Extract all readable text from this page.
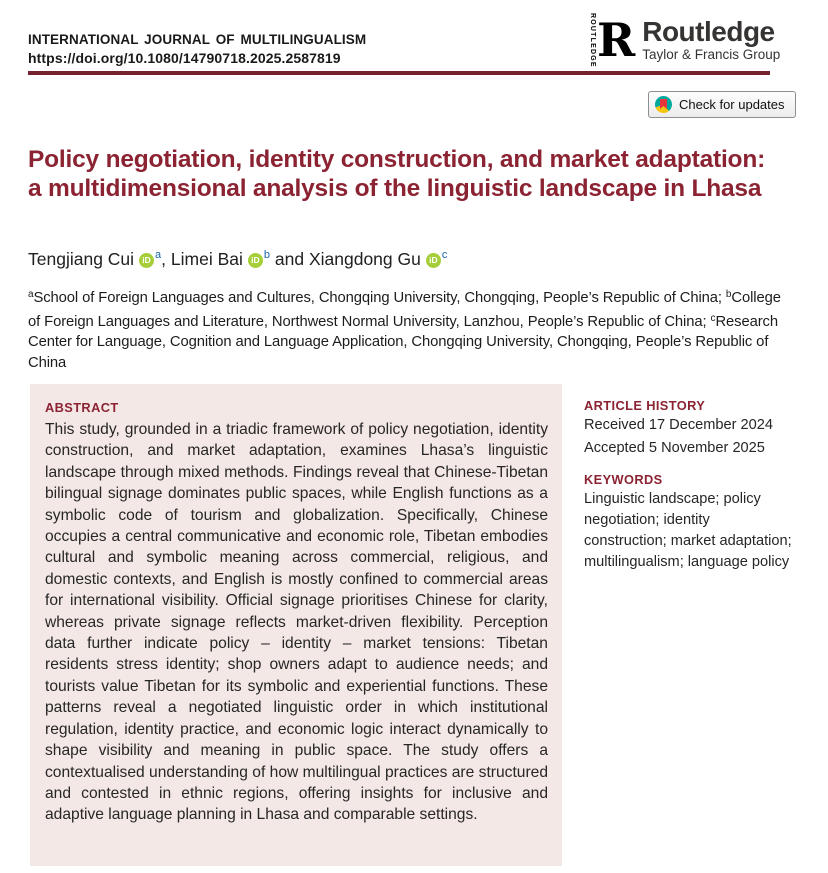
INTERNATIONAL JOURNAL OF MULTILINGUALISM
https://doi.org/10.1080/14790718.2025.2587819	ROUTLEDGE R Routledge
Taylor & Francis Group
Check for updates
Policy negotiation, identity construction, and market adaptation: a multidimensional analysis of the linguistic landscape in Lhasa
Tengjiang Cui iD $^a$, Limei Bai iD $^b$ and Xiangdong Gu iD $^c$

$^a$School of Foreign Languages and Cultures, Chongqing University, Chongqing, People’s Republic of China; $^b$College of Foreign Languages and Literature, Northwest Normal University, Lanzhou, People’s Republic of China; $^c$Research Center for Language, Cognition and Language Application, Chongqing University, Chongqing, People’s Republic of China

ABSTRACT

This study, grounded in a triadic framework of policy negotiation, identity construction, and market adaptation, examines Lhasa’s linguistic landscape through mixed methods. Findings reveal that Chinese-Tibetan bilingual signage dominates public spaces, while English functions as a symbolic code of tourism and globalization. Specifically, Chinese occupies a central communicative and economic role, Tibetan embodies cultural and symbolic meaning across commercial, religious, and domestic contexts, and English is mostly confined to commercial areas for international visibility. Official signage prioritises Chinese for clarity, whereas private signage reflects market-driven flexibility. Perception data further indicate policy – identity – market tensions: Tibetan residents stress identity; shop owners adapt to audience needs; and tourists value Tibetan for its symbolic and experiential functions. These patterns reveal a negotiated linguistic order in which institutional regulation, identity practice, and economic logic interact dynamically to shape visibility and meaning in public space. The study offers a contextualised understanding of how multilingual practices are structured and contested in ethnic regions, offering insights for inclusive and adaptive language planning in Lhasa and comparable settings.

ARTICLE HISTORY
Received 17 December 2024
Accepted 5 November 2025
KEYWORDS
Linguistic landscape; policy negotiation; identity construction; market adaptation; multilingualism; language policy
